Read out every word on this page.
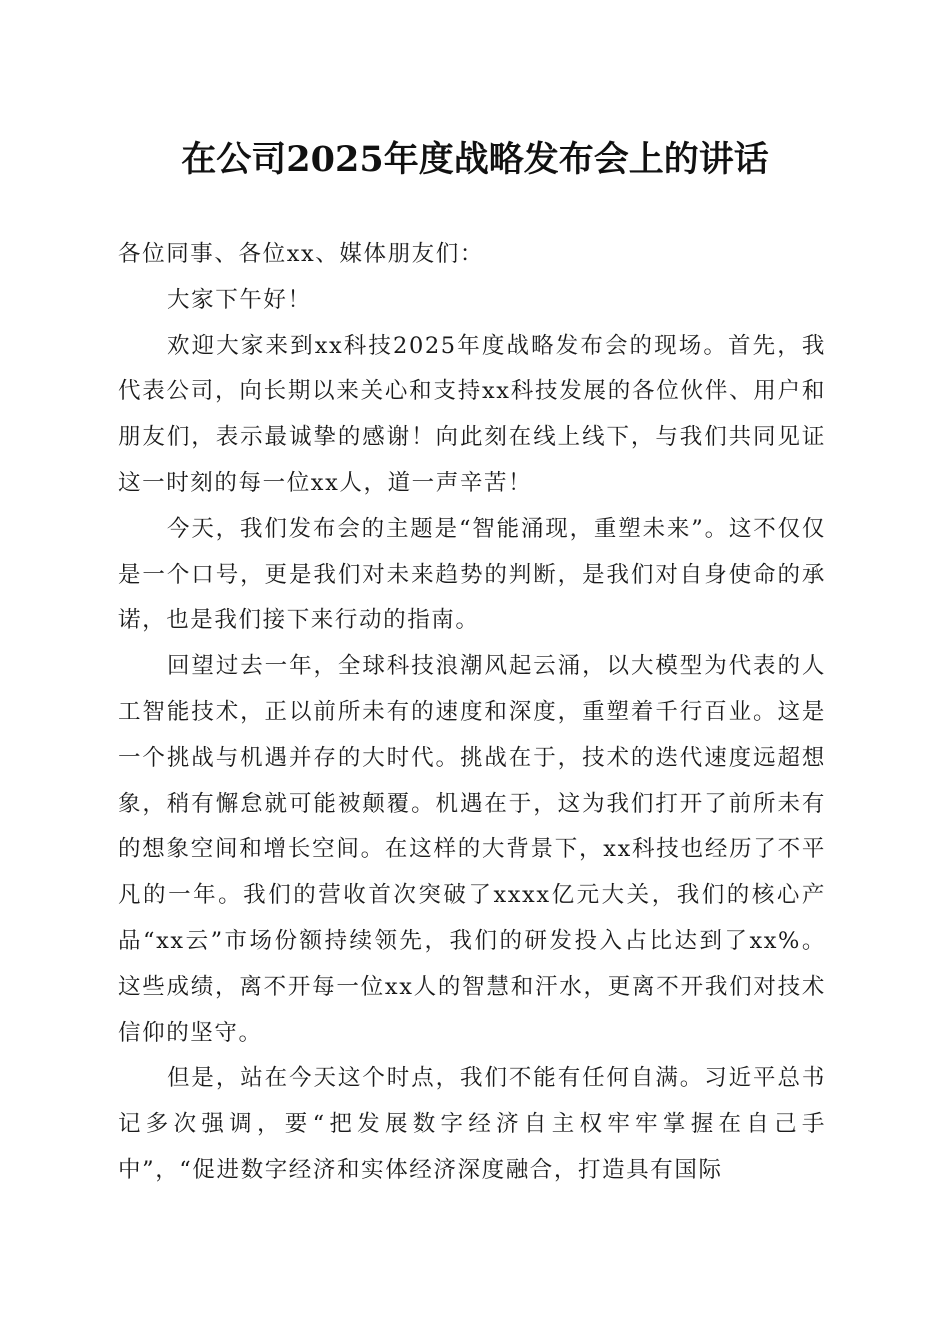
在公司2025年度战略发布会上的讲话

各位同事、各位xx、媒体朋友们：

大家下午好！

欢迎大家来到xx科技2025年度战略发布会的现场。首先，我代表公司，向长期以来关心和支持xx科技发展的各位伙伴、用户和朋友们，表示最诚挚的感谢！向此刻在线上线下，与我们共同见证这一时刻的每一位xx人，道一声辛苦！

今天，我们发布会的主题是“智能涌现，重塑未来”。这不仅仅是一个口号，更是我们对未来趋势的判断，是我们对自身使命的承诺，也是我们接下来行动的指南。

回望过去一年，全球科技浪潮风起云涌，以大模型为代表的人工智能技术，正以前所未有的速度和深度，重塑着千行百业。这是一个挑战与机遇并存的大时代。挑战在于，技术的迭代速度远超想象，稍有懈怠就可能被颠覆。机遇在于，这为我们打开了前所未有的想象空间和增长空间。在这样的大背景下，xx科技也经历了不平凡的一年。我们的营收首次突破了xxxx亿元大关，我们的核心产品“xx云”市场份额持续领先，我们的研发投入占比达到了xx%。这些成绩，离不开每一位xx人的智慧和汗水，更离不开我们对技术信仰的坚守。

但是，站在今天这个时点，我们不能有任何自满。习近平总书记多次强调，要“把发展数字经济自主权牢牢掌握在自己手中”，“促进数字经济和实体经济深度融合，打造具有国际
